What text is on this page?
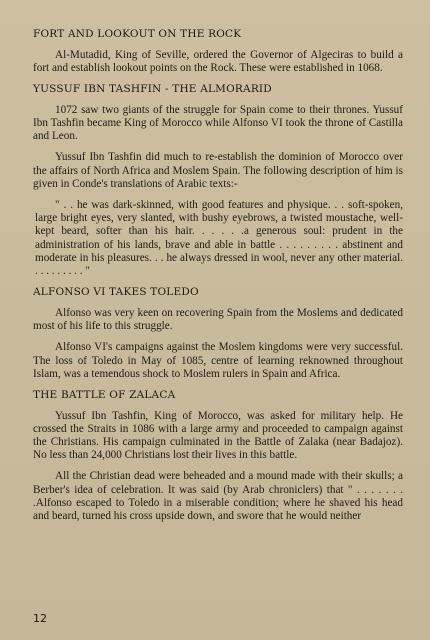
FORT AND LOOKOUT ON THE ROCK

Al-Mutadid, King of Seville, ordered the Governor of Algeciras to build a fort and establish lookout points on the Rock. These were established in 1068.

YUSSUF IBN TASHFIN - THE ALMORARID

1072 saw two giants of the struggle for Spain come to their thrones. Yussuf Ibn Tashfin became King of Morocco while Alfonso VI took the throne of Castilla and Leon.

Yussuf Ibn Tashfin did much to re-establish the dominion of Morocco over the affairs of North Africa and Moslem Spain. The following description of him is given in Conde's translations of Arabic texts:-

" . . he was dark-skinned, with good features and physique. . . soft-spoken, large bright eyes, very slanted, with bushy eyebrows, a twisted moustache, well-kept beard, softer than his hair. . . . . .a generous soul: prudent in the administration of his lands, brave and able in battle . . . . . . . . . abstinent and moderate in his pleasures. . . he always dressed in wool, never any other material. . . . . . . . . . "

ALFONSO VI TAKES TOLEDO

Alfonso was very keen on recovering Spain from the Moslems and dedicated most of his life to this struggle.

Alfonso VI's campaigns against the Moslem kingdoms were very successful. The loss of Toledo in May of 1085, centre of learning reknowned throughout Islam, was a temendous shock to Moslem rulers in Spain and Africa.

THE BATTLE OF ZALACA

Yussuf Ibn Tashfin, King of Morocco, was asked for military help. He crossed the Straits in 1086 with a large army and proceeded to campaign against the Christians. His campaign culminated in the Battle of Zalaka (near Badajoz). No less than 24,000 Christians lost their lives in this battle.

All the Christian dead were beheaded and a mound made with their skulls; a Berber's idea of celebration. It was said (by Arab chroniclers) that " . . . . . . . .Alfonso escaped to Toledo in a miserable condition; where he shaved his head and beard, turned his cross upside down, and swore that he would neither

12
